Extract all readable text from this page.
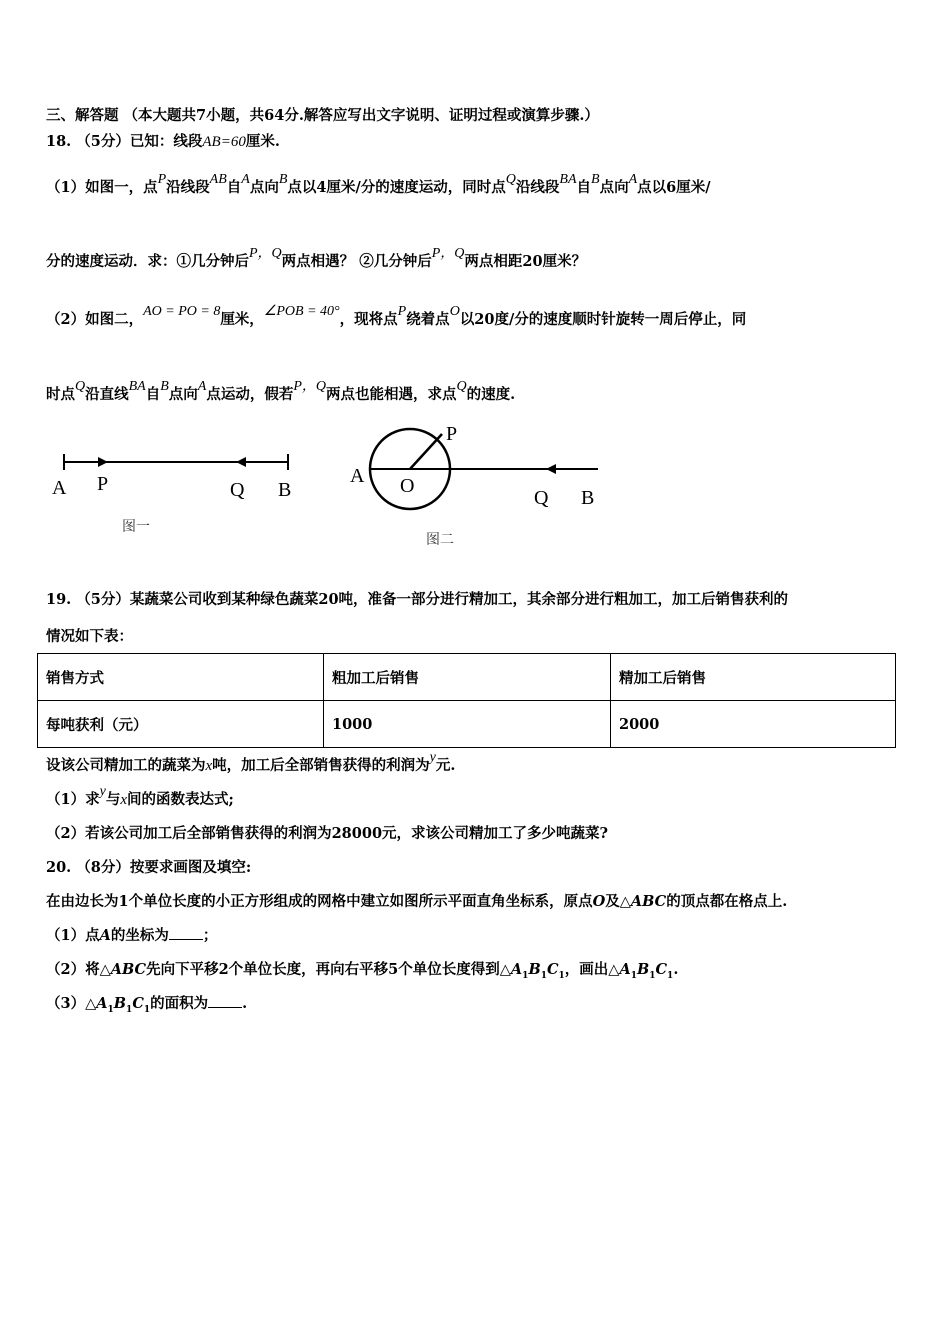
三、解答题 （本大题共7小题，共64分.解答应写出文字说明、证明过程或演算步骤.）
18. （5分）已知：线段AB=60厘米.
（1）如图一，点P沿线段AB自A点向B点以4厘米/分的速度运动，同时点Q沿线段BA自B点向A点以6厘米/
分的速度运动．求：①几分钟后P，Q两点相遇？ ②几分钟后P，Q两点相距20厘米？
（2）如图二，AO = PO = 8厘米，∠POB = 40°，现将点P绕着点O以20度/分的速度顺时针旋转一周后停止，同
时点Q沿直线BA自B点向A点运动，假若P，Q两点也能相遇，求点Q的速度.
A P	Q B
图一
A O
P
Q B
图二
19. （5分）某蔬菜公司收到某种绿色蔬菜20吨，准备一部分进行精加工，其余部分进行粗加工，加工后销售获利的
情况如下表：
销售方式	粗加工后销售	精加工后销售
每吨获利（元）	1000	2000
设该公司精加工的蔬菜为x吨，加工后全部销售获得的利润为y元.
（1）求y与x间的函数表达式;
（2）若该公司加工后全部销售获得的利润为28000元，求该公司精加工了多少吨蔬菜?
20. （8分）按要求画图及填空:
在由边长为1个单位长度的小正方形组成的网格中建立如图所示平面直角坐标系，原点O及△ABC的顶点都在格点上.
（1）点A的坐标为 ；
（2）将△ABC先向下平移2个单位长度，再向右平移5个单位长度得到$\triangle A_1B_1C_1$，画出$\triangle A_1B_1C_1$.
$(3)\triangle A_1B_1C_1$的面积为 .
